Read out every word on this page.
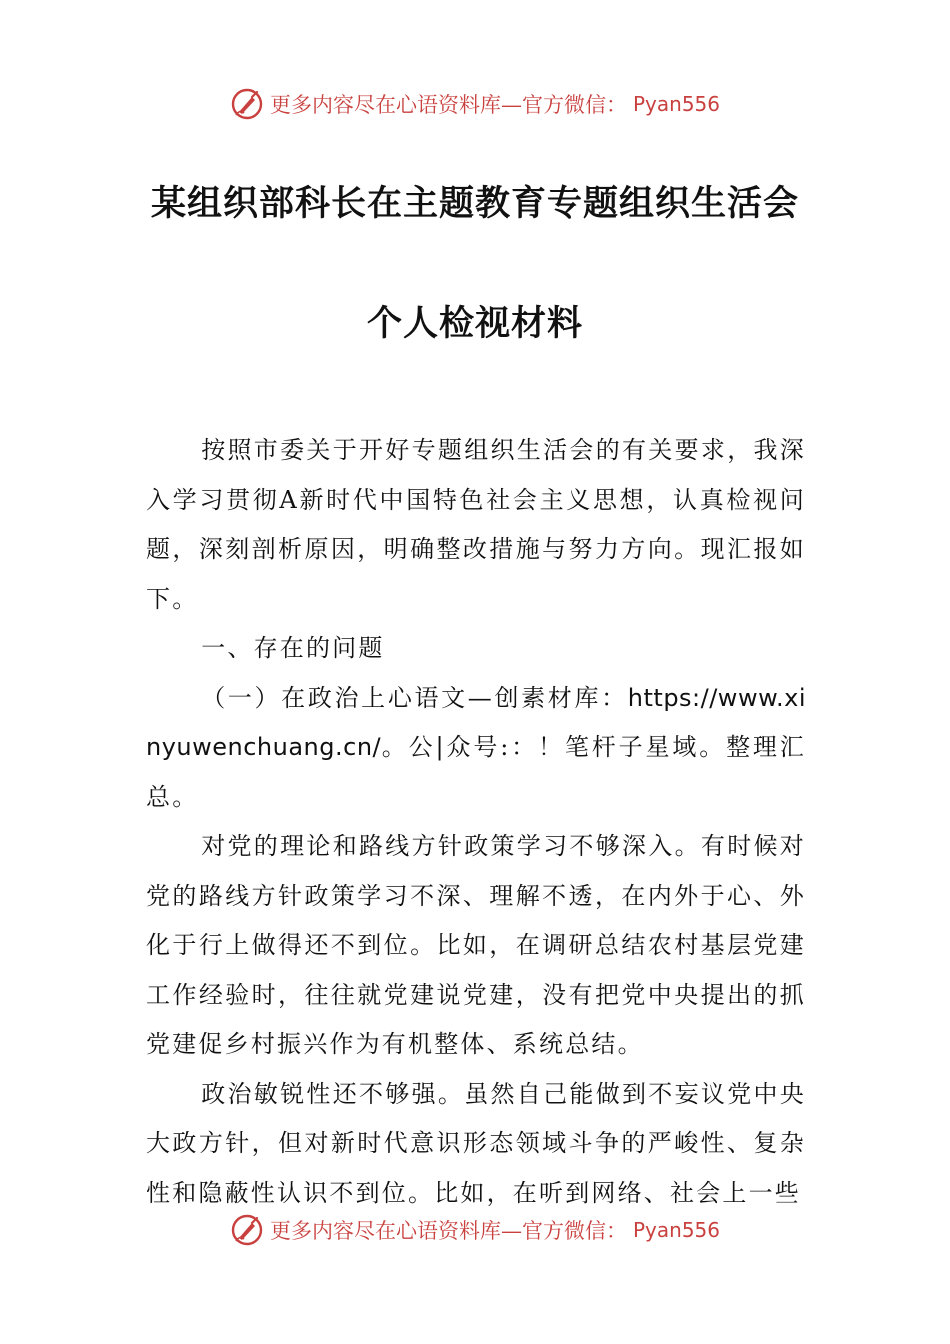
更多内容尽在心语资料库—官方微信： Pyan556
某组织部科长在主题教育专题组织生活会
个人检视材料

按照市委关于开好专题组织生活会的有关要求，我深入学习贯彻A新时代中国特色社会主义思想，认真检视问题，深刻剖析原因，明确整改措施与努力方向。现汇报如下。

一、存在的问题

（一）在政治上心语文—创素材库：https://www.xinyuwenchuang.cn/。公|众号:：！笔杆子星域。整理汇总。

对党的理论和路线方针政策学习不够深入。有时候对党的路线方针政策学习不深、理解不透，在内外于心、外化于行上做得还不到位。比如，在调研总结农村基层党建工作经验时，往往就党建说党建，没有把党中央提出的抓党建促乡村振兴作为有机整体、系统总结。

政治敏锐性还不够强。虽然自己能做到不妄议党中央大政方针，但对新时代意识形态领域斗争的严峻性、复杂性和隐蔽性认识不到位。比如，在听到网络、社会上一些

更多内容尽在心语资料库—官方微信： Pyan556
